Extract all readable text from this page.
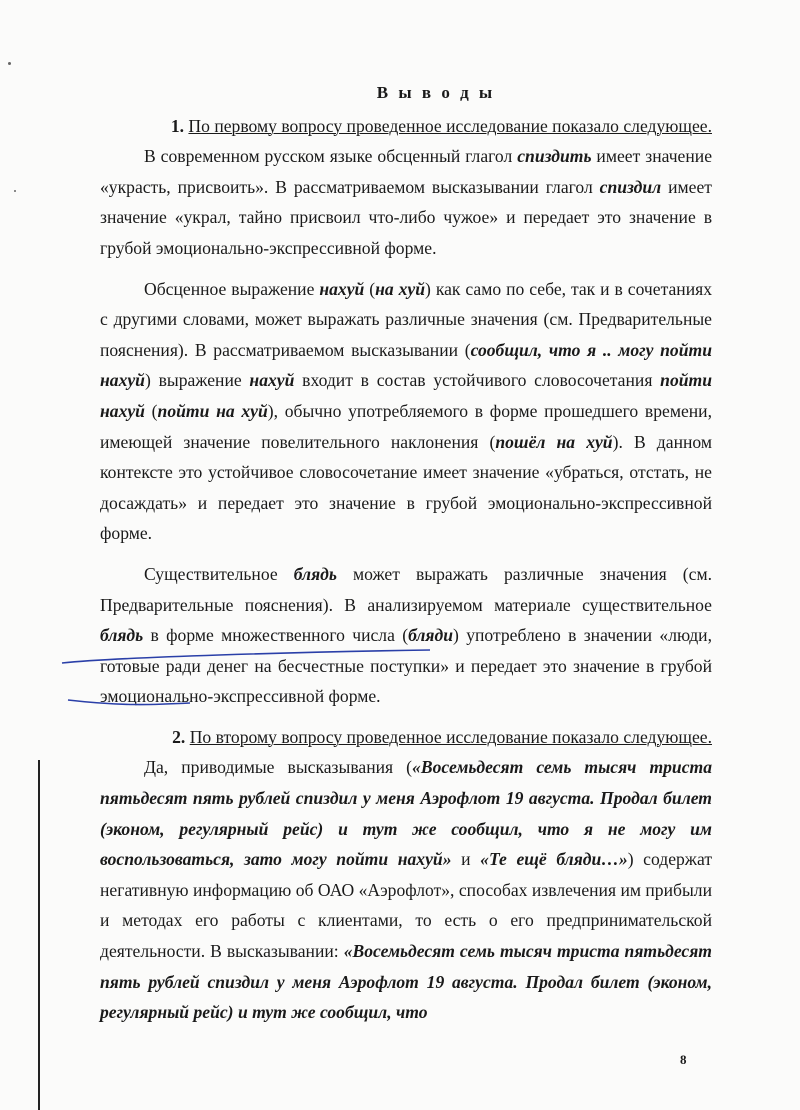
В ы в о д ы

1. По первому вопросу проведенное исследование показало следующее.

В современном русском языке обсценный глагол спиздить имеет значение «украсть, присвоить». В рассматриваемом высказывании глагол спиздил имеет значение «украл, тайно присвоил что-либо чужое» и передает это значение в грубой эмоционально-экспрессивной форме.

Обсценное выражение нахуй (на хуй) как само по себе, так и в сочетаниях с другими словами, может выражать различные значения (см. Предварительные пояснения). В рассматриваемом высказывании (сообщил, что я .. могу пойти нахуй) выражение нахуй входит в состав устойчивого словосочетания пойти нахуй (пойти на хуй), обычно употребляемого в форме прошедшего времени, имеющей значение повелительного наклонения (пошёл на хуй). В данном контексте это устойчивое словосочетание имеет значение «убраться, отстать, не досаждать» и передает это значение в грубой эмоционально-экспрессивной форме.

Существительное блядь может выражать различные значения (см. Предварительные пояснения). В анализируемом материале существительное блядь в форме множественного числа (бляди) употреблено в значении «люди, готовые ради денег на бесчестные поступки» и передает это значение в грубой эмоционально-экспрессивной форме.

2. По второму вопросу проведенное исследование показало следующее.

Да, приводимые высказывания («Восемьдесят семь тысяч триста пятьдесят пять рублей спиздил у меня Аэрофлот 19 августа. Продал билет (эконом, регулярный рейс) и тут же сообщил, что я не могу им воспользоваться, зато могу пойти нахуй» и «Те ещё бляди…») содержат негативную информацию об ОАО «Аэрофлот», способах извлечения им прибыли и методах его работы с клиентами, то есть о его предпринимательской деятельности. В высказывании: «Восемьдесят семь тысяч триста пятьдесят пять рублей спиздил у меня Аэрофлот 19 августа. Продал билет (эконом, регулярный рейс) и тут же сообщил, что

8
